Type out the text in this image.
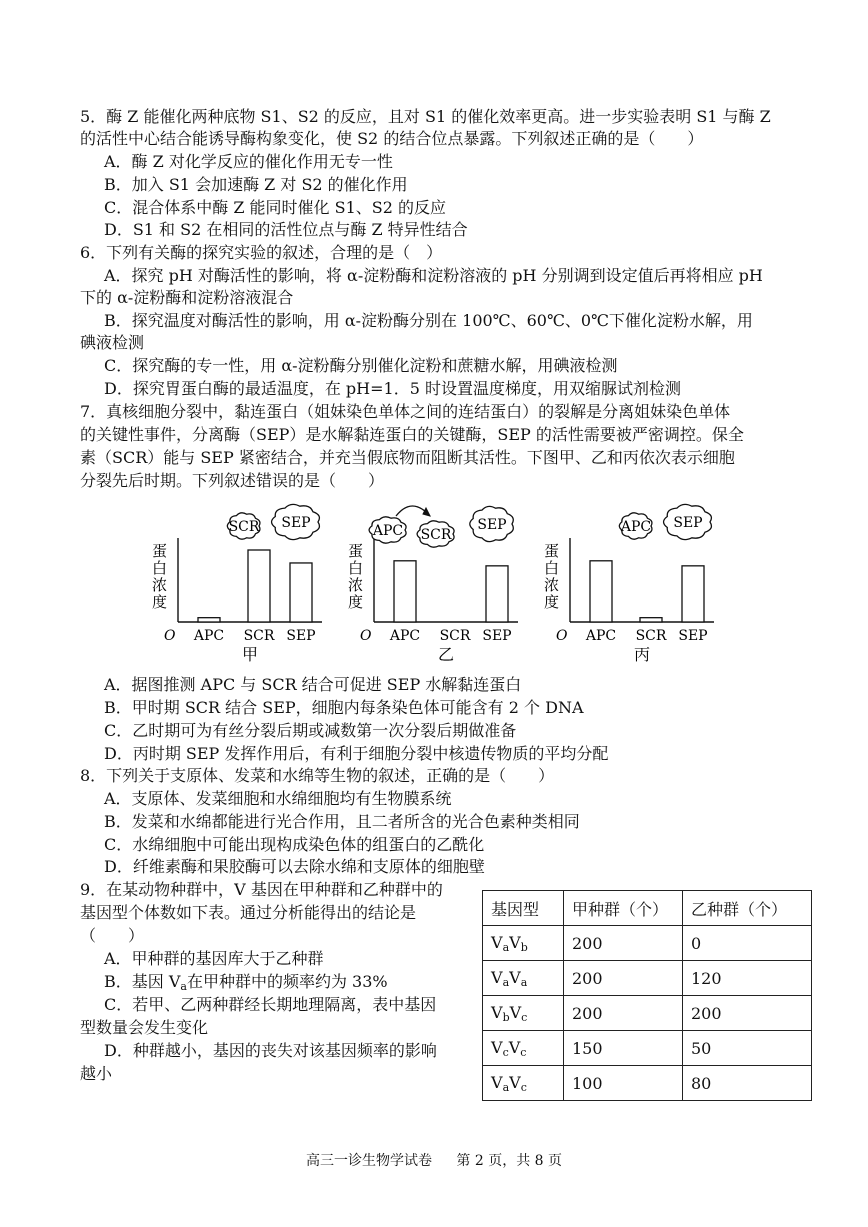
5．酶 Z 能催化两种底物 S1、S2 的反应，且对 S1 的催化效率更高。进一步实验表明 S1 与酶 Z
的活性中心结合能诱导酶构象变化，使 S2 的结合位点暴露。下列叙述正确的是（　　）
A．酶 Z 对化学反应的催化作用无专一性
B．加入 S1 会加速酶 Z 对 S2 的催化作用
C．混合体系中酶 Z 能同时催化 S1、S2 的反应
D．S1 和 S2 在相同的活性位点与酶 Z 特异性结合
6．下列有关酶的探究实验的叙述，合理的是（　）
A．探究 pH 对酶活性的影响，将 α-淀粉酶和淀粉溶液的 pH 分别调到设定值后再将相应 pH
下的 α-淀粉酶和淀粉溶液混合
B．探究温度对酶活性的影响，用 α-淀粉酶分别在 100℃、60℃、0℃下催化淀粉水解，用
碘液检测
C．探究酶的专一性，用 α-淀粉酶分别催化淀粉和蔗糖水解，用碘液检测
D．探究胃蛋白酶的最适温度，在 pH=1．5 时设置温度梯度，用双缩脲试剂检测
7．真核细胞分裂中，黏连蛋白（姐妹染色单体之间的连结蛋白）的裂解是分离姐妹染色单体
的关键性事件，分离酶（SEP）是水解黏连蛋白的关键酶，SEP 的活性需要被严密调控。保全
素（SCR）能与 SEP 紧密结合，并充当假底物而阻断其活性。下图甲、乙和丙依次表示细胞
分裂先后时期。下列叙述错误的是（　　）
蛋
白
浓
度
O APC SCR SEP
甲
SCR SEP
蛋
白
浓
度
O APC SCR SEP
乙
APC SCR
SEP
蛋
白
浓
度
O APC SCR SEP
丙
APC SEP
A．据图推测 APC 与 SCR 结合可促进 SEP 水解黏连蛋白
B．甲时期 SCR 结合 SEP，细胞内每条染色体可能含有 2 个 DNA
C．乙时期可为有丝分裂后期或减数第一次分裂后期做准备
D．丙时期 SEP 发挥作用后，有利于细胞分裂中核遗传物质的平均分配
8．下列关于支原体、发菜和水绵等生物的叙述，正确的是（　　）
A．支原体、发菜细胞和水绵细胞均有生物膜系统
B．发菜和水绵都能进行光合作用，且二者所含的光合色素种类相同
C．水绵细胞中可能出现构成染色体的组蛋白的乙酰化
D．纤维素酶和果胶酶可以去除水绵和支原体的细胞壁
9．在某动物种群中，V 基因在甲种群和乙种群中的
基因型个体数如下表。通过分析能得出的结论是
（　　）
A．甲种群的基因库大于乙种群
B．基因 $V_a$在甲种群中的频率约为 33%
C．若甲、乙两种群经长期地理隔离，表中基因
型数量会发生变化
D．种群越小，基因的丧失对该基因频率的影响
越小
基因型	甲种群（个）	乙种群（个）
$V_aV_b$	200	0
$V_aV_a$	200	120
$V_bV_c$	200	200
$V_cV_c$	150	50
$V_aV_c$	100	80
高三一诊生物学试卷 第 2 页，共 8 页
